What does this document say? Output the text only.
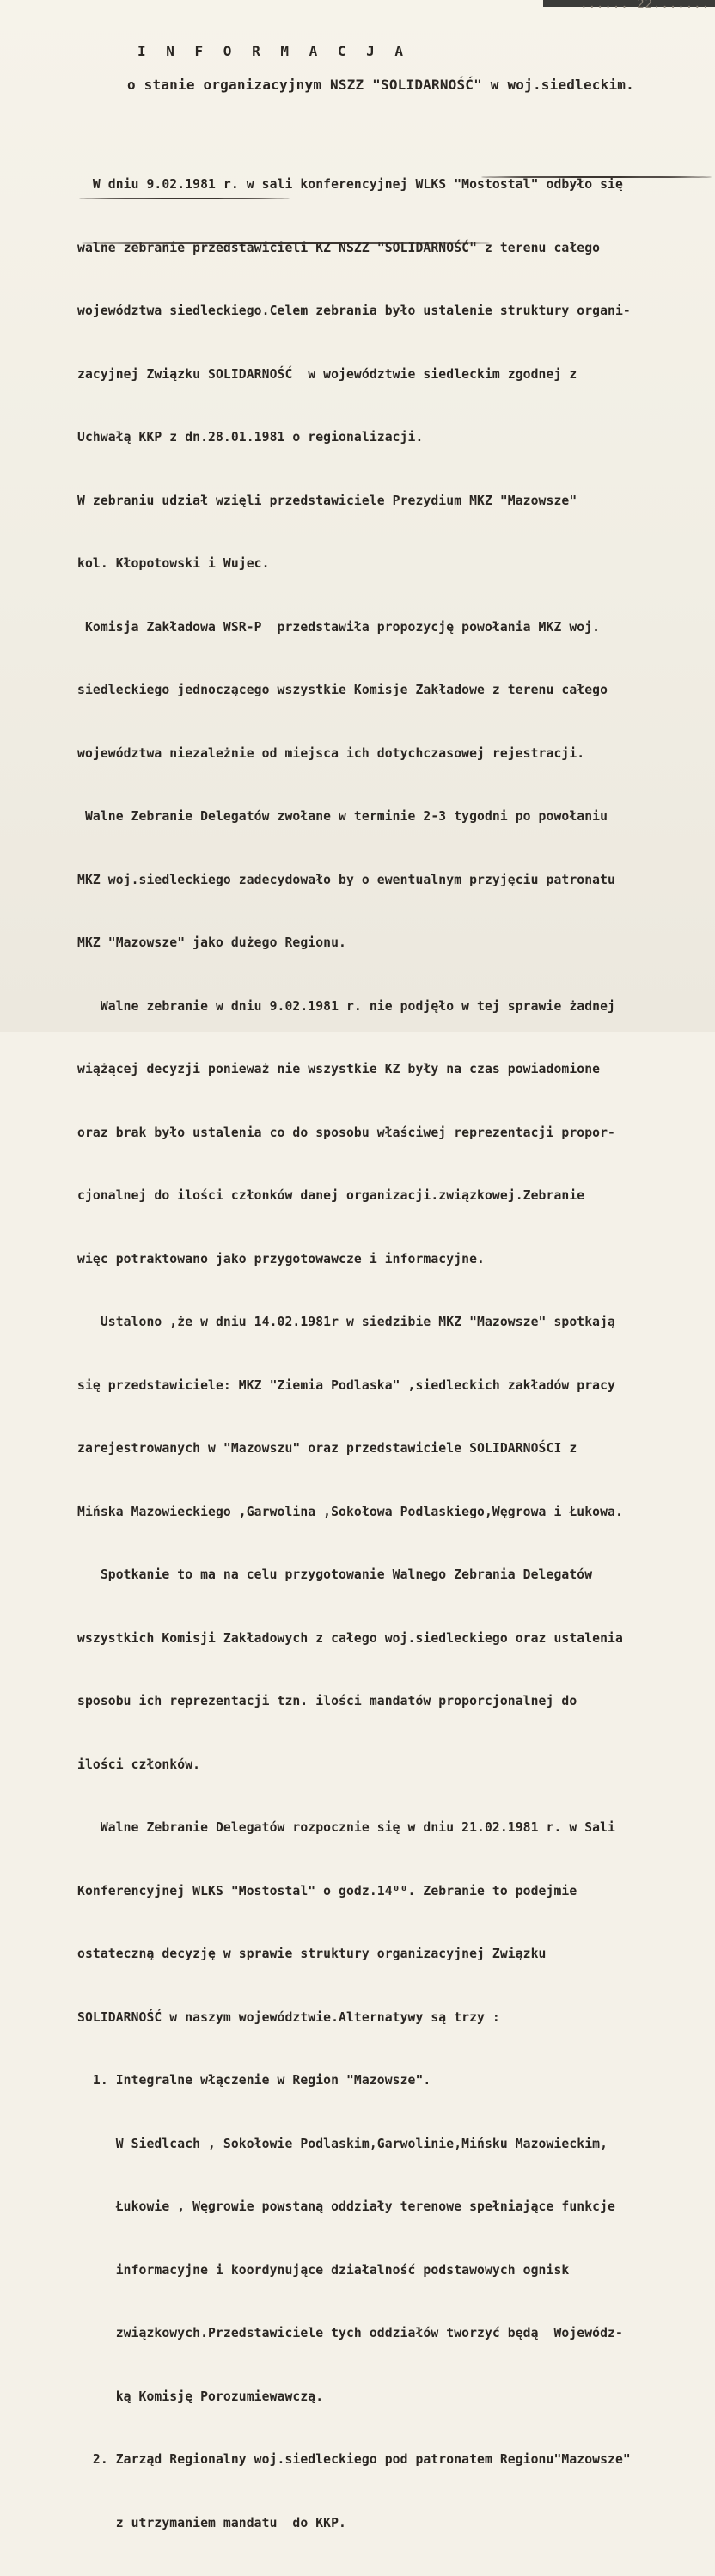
...... 22.......
I N F O R M A C J A
o stanie organizacyjnym NSZZ "SOLIDARNOŚĆ" w woj.siedleckim.

W dniu 9.02.1981 r. w sali konferencyjnej WLKS "Mostostal" odbyło się

walne zebranie przedstawicieli KZ NSZZ "SOLIDARNOŚĆ" z terenu całego

województwa siedleckiego.Celem zebrania było ustalenie struktury organi-

zacyjnej Związku SOLIDARNOŚĆ  w województwie siedleckim zgodnej z

Uchwałą KKP z dn.28.01.1981 o regionalizacji.

W zebraniu udział wzięli przedstawiciele Prezydium MKZ "Mazowsze"

kol. Kłopotowski i Wujec.

Komisja Zakładowa WSR-P  przedstawiła propozycję powołania MKZ woj.

siedleckiego jednoczącego wszystkie Komisje Zakładowe z terenu całego

województwa niezależnie od miejsca ich dotychczasowej rejestracji.

Walne Zebranie Delegatów zwołane w terminie 2-3 tygodni po powołaniu

MKZ woj.siedleckiego zadecydowało by o ewentualnym przyjęciu patronatu

MKZ "Mazowsze" jako dużego Regionu.

Walne zebranie w dniu 9.02.1981 r. nie podjęło w tej sprawie żadnej

wiążącej decyzji ponieważ nie wszystkie KZ były na czas powiadomione

oraz brak było ustalenia co do sposobu właściwej reprezentacji propor-

cjonalnej do ilości członków danej organizacji.związkowej.Zebranie

więc potraktowano jako przygotowawcze i informacyjne.

Ustalono ,że w dniu 14.02.1981r w siedzibie MKZ "Mazowsze" spotkają

się przedstawiciele: MKZ "Ziemia Podlaska" ,siedleckich zakładów pracy

zarejestrowanych w "Mazowszu" oraz przedstawiciele SOLIDARNOŚCI z

Mińska Mazowieckiego ,Garwolina ,Sokołowa Podlaskiego,Węgrowa i Łukowa.

Spotkanie to ma na celu przygotowanie Walnego Zebrania Delegatów

wszystkich Komisji Zakładowych z całego woj.siedleckiego oraz ustalenia

sposobu ich reprezentacji tzn. ilości mandatów proporcjonalnej do

ilości członków.

Walne Zebranie Delegatów rozpocznie się w dniu 21.02.1981 r. w Sali

Konferencyjnej WLKS "Mostostal" o godz.14⁰⁰. Zebranie to podejmie

ostateczną decyzję w sprawie struktury organizacyjnej Związku

SOLIDARNOŚĆ w naszym województwie.Alternatywy są trzy :

1. Integralne włączenie w Region "Mazowsze".

W Siedlcach , Sokołowie Podlaskim,Garwolinie,Mińsku Mazowieckim,

Łukowie , Węgrowie powstaną oddziały terenowe spełniające funkcje

informacyjne i koordynujące działalność podstawowych ognisk

związkowych.Przedstawiciele tych oddziałów tworzyć będą  Wojewódz-

ką Komisję Porozumiewawczą.

2. Zarząd Regionalny woj.siedleckiego pod patronatem Regionu"Mazowsze"

z utrzymaniem mandatu  do KKP.
